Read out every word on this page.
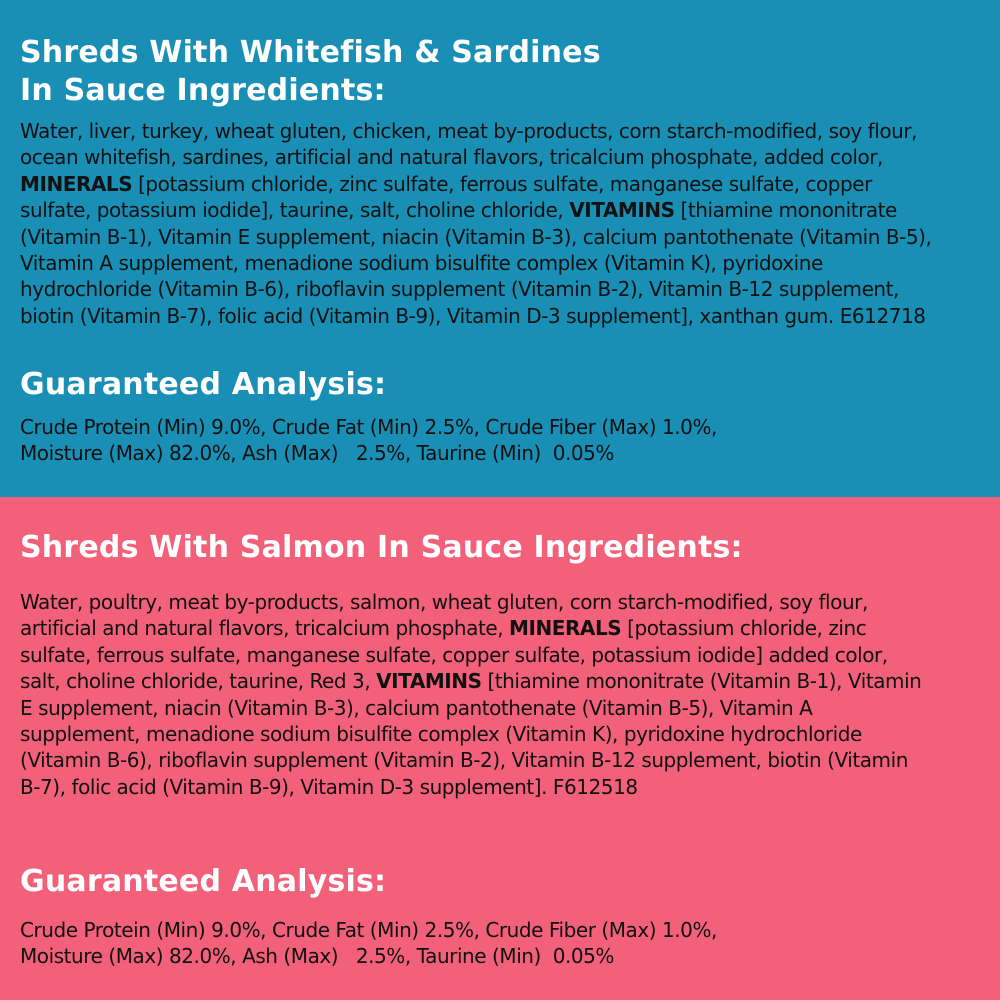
Shreds With Whitefish & Sardines
In Sauce Ingredients:

Water, liver, turkey, wheat gluten, chicken, meat by-products, corn starch-modified, soy flour,
ocean whitefish, sardines, artificial and natural flavors, tricalcium phosphate, added color,
MINERALS [potassium chloride, zinc sulfate, ferrous sulfate, manganese sulfate, copper
sulfate, potassium iodide], taurine, salt, choline chloride, VITAMINS [thiamine mononitrate
(Vitamin B-1), Vitamin E supplement, niacin (Vitamin B-3), calcium pantothenate (Vitamin B-5),
Vitamin A supplement, menadione sodium bisulfite complex (Vitamin K), pyridoxine
hydrochloride (Vitamin B-6), riboflavin supplement (Vitamin B-2), Vitamin B-12 supplement,
biotin (Vitamin B-7), folic acid (Vitamin B-9), Vitamin D-3 supplement], xanthan gum. E612718

Guaranteed Analysis:

Crude Protein (Min) 9.0%, Crude Fat (Min) 2.5%, Crude Fiber (Max) 1.0%,
Moisture (Max) 82.0%, Ash (Max)   2.5%, Taurine (Min)  0.05%

Shreds With Salmon In Sauce Ingredients:

Water, poultry, meat by-products, salmon, wheat gluten, corn starch-modified, soy flour,
artificial and natural flavors, tricalcium phosphate, MINERALS [potassium chloride, zinc
sulfate, ferrous sulfate, manganese sulfate, copper sulfate, potassium iodide] added color,
salt, choline chloride, taurine, Red 3, VITAMINS [thiamine mononitrate (Vitamin B-1), Vitamin
E supplement, niacin (Vitamin B-3), calcium pantothenate (Vitamin B-5), Vitamin A
supplement, menadione sodium bisulfite complex (Vitamin K), pyridoxine hydrochloride
(Vitamin B-6), riboflavin supplement (Vitamin B-2), Vitamin B-12 supplement, biotin (Vitamin
B-7), folic acid (Vitamin B-9), Vitamin D-3 supplement]. F612518

Guaranteed Analysis:

Crude Protein (Min) 9.0%, Crude Fat (Min) 2.5%, Crude Fiber (Max) 1.0%,
Moisture (Max) 82.0%, Ash (Max)   2.5%, Taurine (Min)  0.05%
